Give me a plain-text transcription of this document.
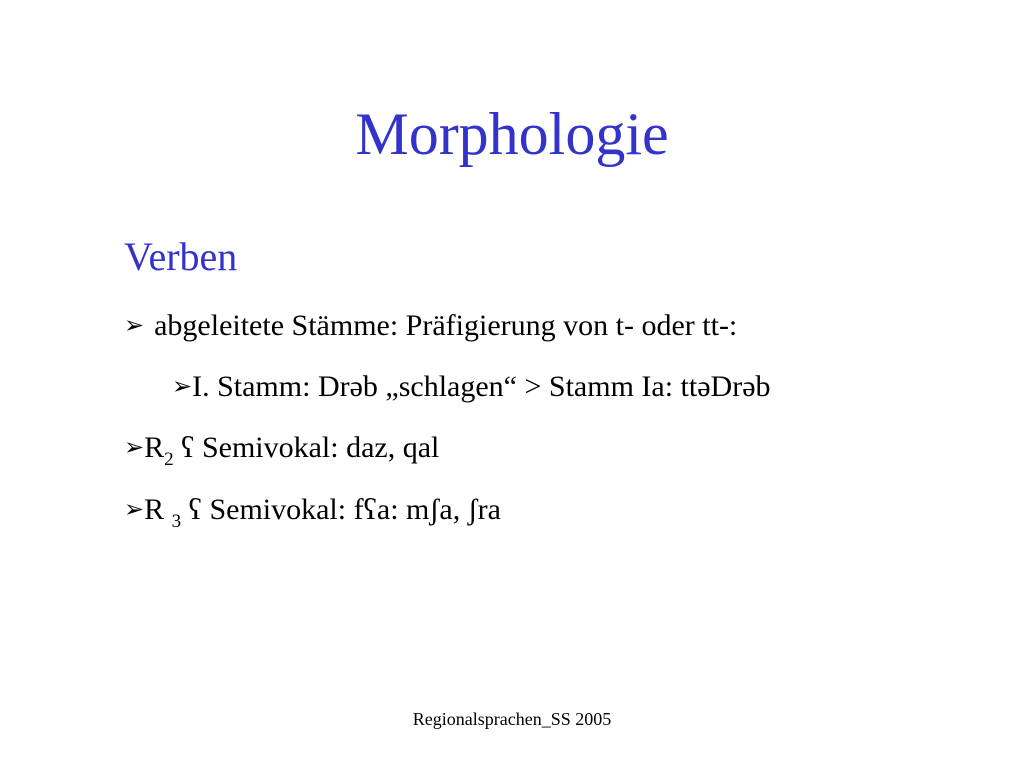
Morphologie
Verben
➢ abgeleitete Stämme: Präfigierung von t- oder tt-:
➢I. Stamm: Drəb „schlagen“ > Stamm Ia: ttəDrəb
$➢R_2$ ʕ Semivokal: daz, qal
➢R $_3$ ʕ Semivokal: fʕa: mʃa, ʃra
Regionalsprachen_SS 2005
